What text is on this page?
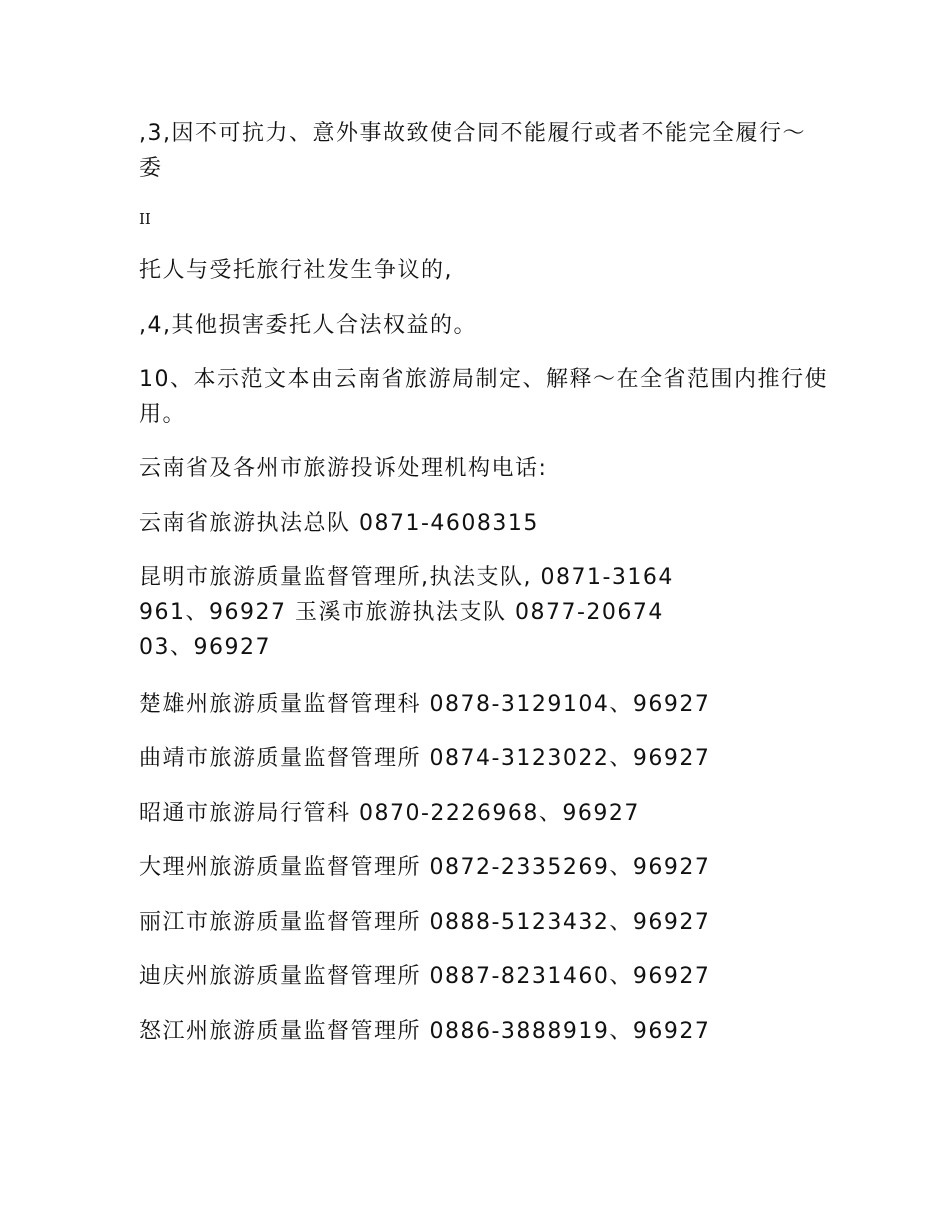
,3,因不可抗力、意外事故致使合同不能履行或者不能完全履行～委
II
托人与受托旅行社发生争议的,
,4,其他损害委托人合法权益的。
10、本示范文本由云南省旅游局制定、解释～在全省范围内推行使用。
云南省及各州市旅游投诉处理机构电话:
云南省旅游执法总队 0871-4608315
昆明市旅游质量监督管理所,执法支队, 0871-3164961、96927 玉溪市旅游执法支队 0877-2067403、96927
楚雄州旅游质量监督管理科 0878-3129104、96927
曲靖市旅游质量监督管理所 0874-3123022、96927
昭通市旅游局行管科 0870-2226968、96927
大理州旅游质量监督管理所 0872-2335269、96927
丽江市旅游质量监督管理所 0888-5123432、96927
迪庆州旅游质量监督管理所 0887-8231460、96927
怒江州旅游质量监督管理所 0886-3888919、96927
